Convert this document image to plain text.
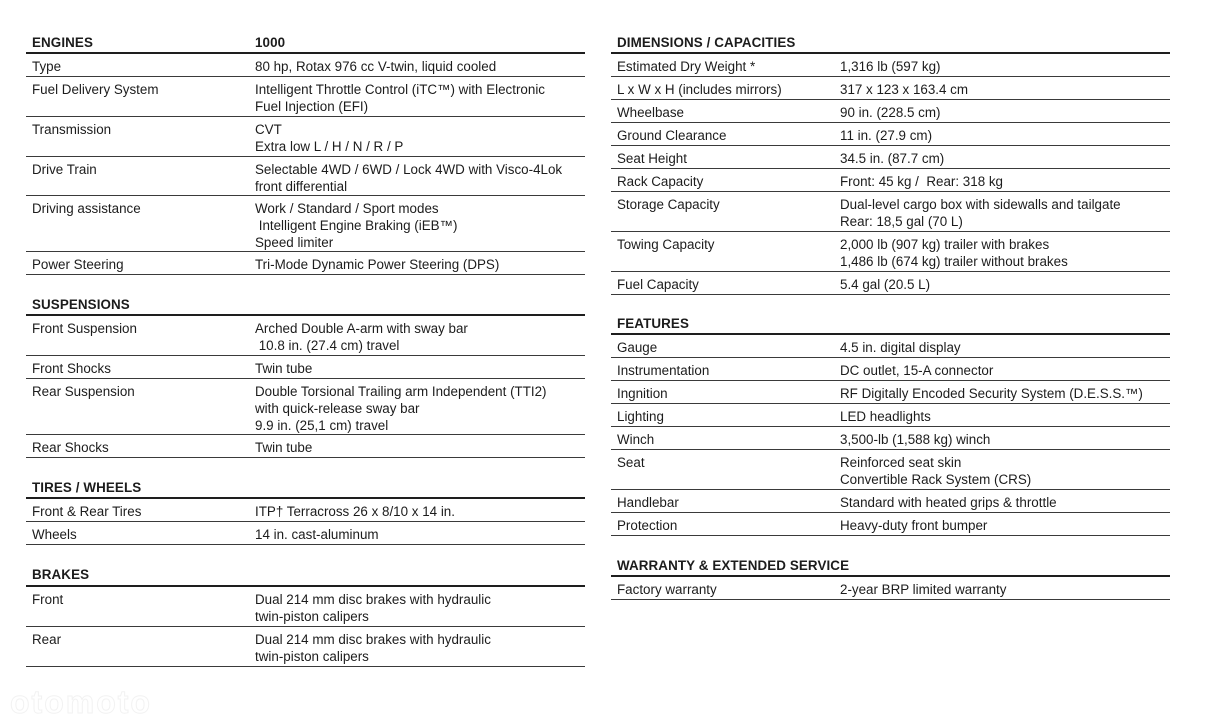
ENGINES	1000
Type	80 hp, Rotax 976 cc V-twin, liquid cooled
Fuel Delivery System	Intelligent Throttle Control (iTC™) with Electronic
Fuel Injection (EFI)
Transmission	CVT
Extra low L / H / N / R / P
Drive Train	Selectable 4WD / 6WD / Lock 4WD with Visco-4Lok
front differential
Driving assistance	Work / Standard / Sport modes
Intelligent Engine Braking (iEB™)
Speed limiter
Power Steering	Tri-Mode Dynamic Power Steering (DPS)
SUSPENSIONS
Front Suspension	Arched Double A-arm with sway bar
10.8 in. (27.4 cm) travel
Front Shocks	Twin tube
Rear Suspension	Double Torsional Trailing arm Independent (TTI2)
with quick-release sway bar
9.9 in. (25,1 cm) travel
Rear Shocks	Twin tube
TIRES / WHEELS
Front & Rear Tires	ITP† Terracross 26 x 8/10 x 14 in.
Wheels	14 in. cast-aluminum
BRAKES
Front	Dual 214 mm disc brakes with hydraulic
twin-piston calipers
Rear	Dual 214 mm disc brakes with hydraulic
twin-piston calipers
DIMENSIONS / CAPACITIES
Estimated Dry Weight *	1,316 lb (597 kg)
L x W x H (includes mirrors)	317 x 123 x 163.4 cm
Wheelbase	90 in. (228.5 cm)
Ground Clearance	11 in. (27.9 cm)
Seat Height	34.5 in. (87.7 cm)
Rack Capacity	Front: 45 kg /  Rear: 318 kg
Storage Capacity	Dual-level cargo box with sidewalls and tailgate
Rear: 18,5 gal (70 L)
Towing Capacity	2,000 lb (907 kg) trailer with brakes
1,486 lb (674 kg) trailer without brakes
Fuel Capacity	5.4 gal (20.5 L)
FEATURES
Gauge	4.5 in. digital display
Instrumentation	DC outlet, 15-A connector
Ingnition	RF Digitally Encoded Security System (D.E.S.S.™)
Lighting	LED headlights
Winch	3,500-lb (1,588 kg) winch
Seat	Reinforced seat skin
Convertible Rack System (CRS)
Handlebar	Standard with heated grips & throttle
Protection	Heavy-duty front bumper
WARRANTY & EXTENDED SERVICE
Factory warranty	2-year BRP limited warranty
otomoto
